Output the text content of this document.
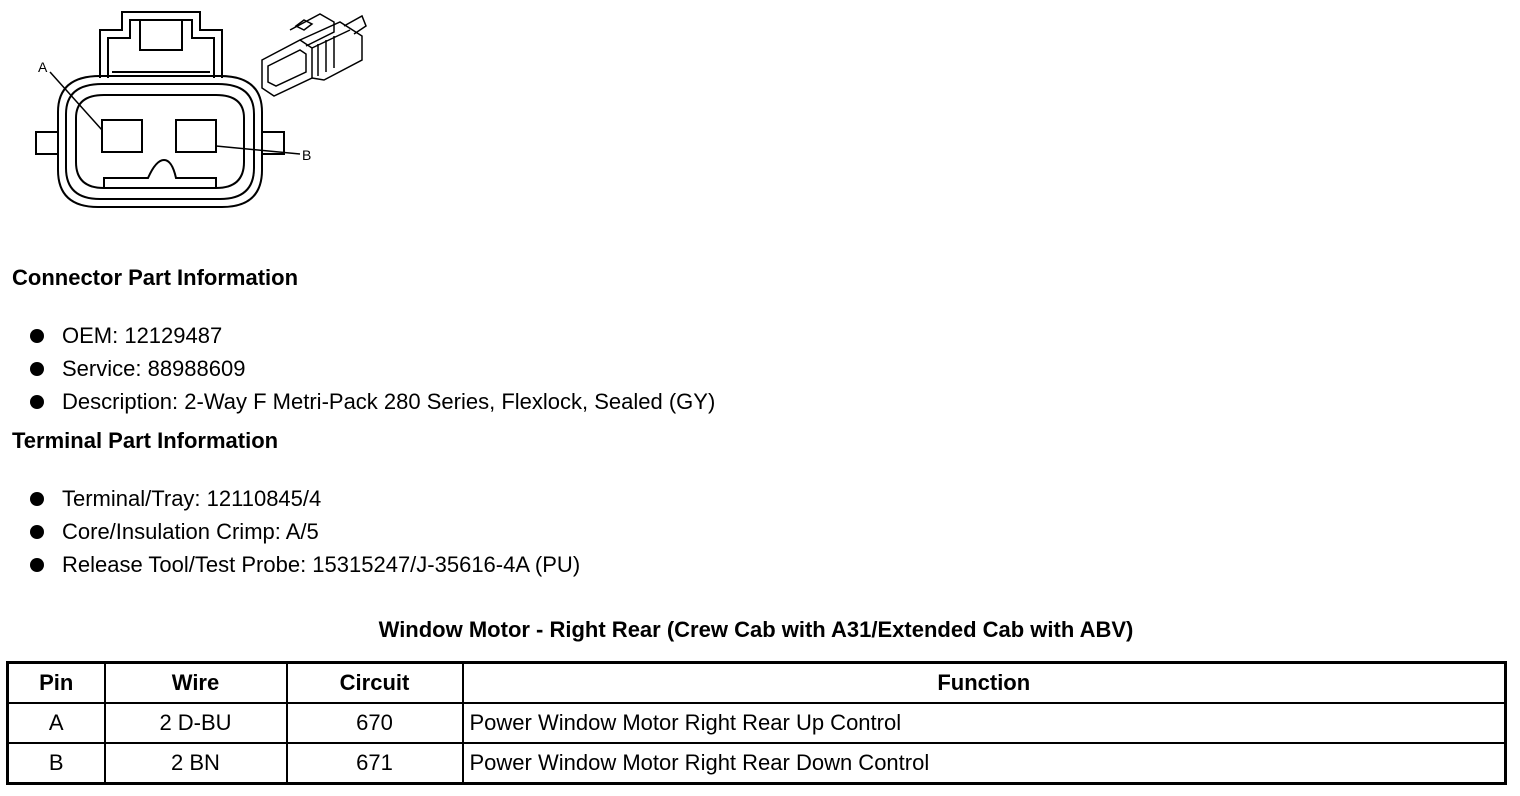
A
B
Connector Part Information
OEM: 12129487
Service: 88988609
Description: 2-Way F Metri-Pack 280 Series, Flexlock, Sealed (GY)
Terminal Part Information
Terminal/Tray: 12110845/4
Core/Insulation Crimp: A/5
Release Tool/Test Probe: 15315247/J-35616-4A (PU)
Window Motor - Right Rear (Crew Cab with A31/Extended Cab with ABV)
Pin	Wire	Circuit	Function
A	2 D-BU	670	Power Window Motor Right Rear Up Control
B	2 BN	671	Power Window Motor Right Rear Down Control
